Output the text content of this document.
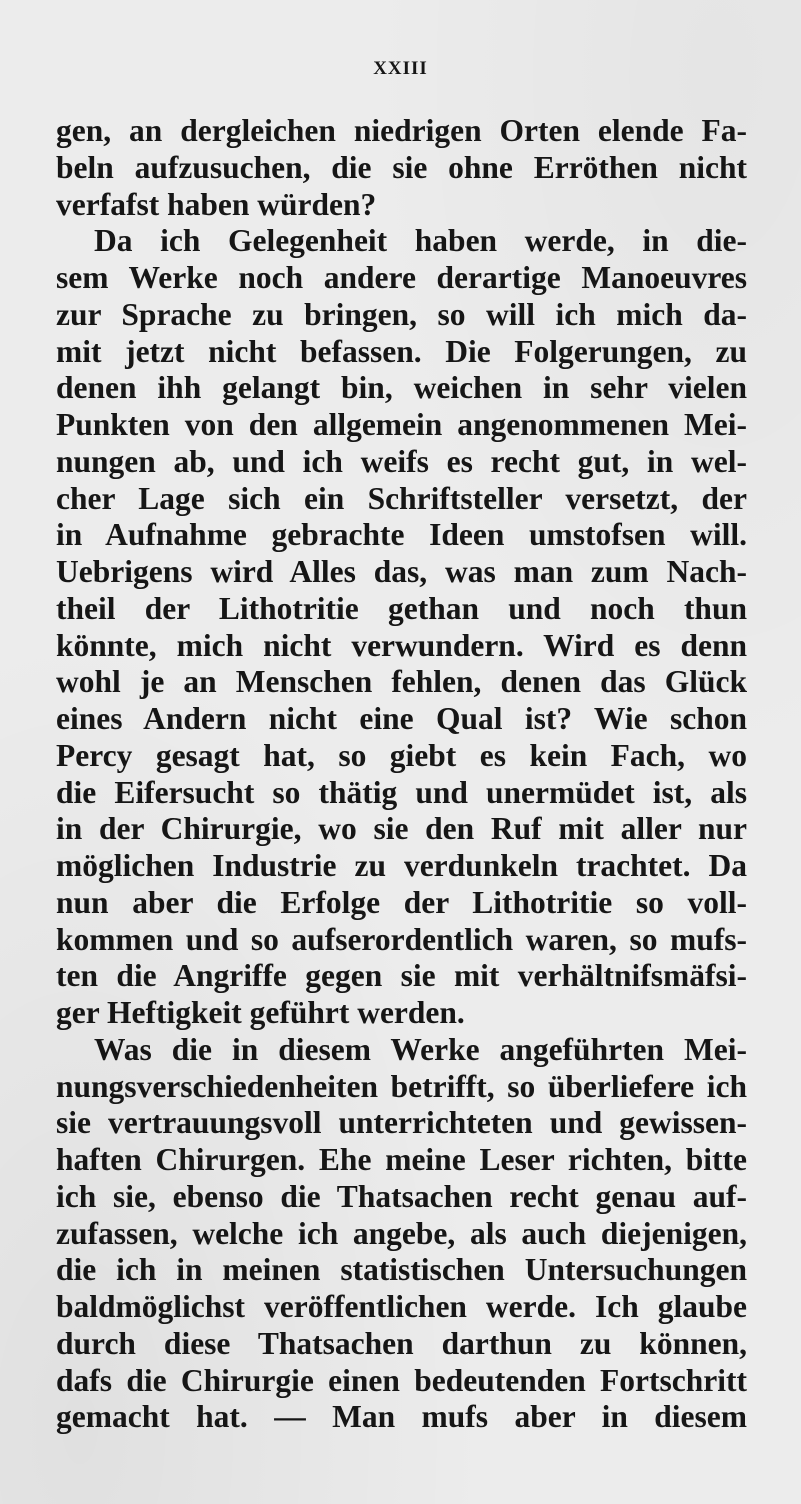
XXIII
gen, an dergleichen niedrigen Orten elende Fa-
beln aufzusuchen, die sie ohne Erröthen nicht
verfafst haben würden?
Da ich Gelegenheit haben werde, in die-
sem Werke noch andere derartige Manoeuvres
zur Sprache zu bringen, so will ich mich da-
mit jetzt nicht befassen. Die Folgerungen, zu
denen ihh gelangt bin, weichen in sehr vielen
Punkten von den allgemein angenommenen Mei-
nungen ab, und ich weifs es recht gut, in wel-
cher Lage sich ein Schriftsteller versetzt, der
in Aufnahme gebrachte Ideen umstofsen will.
Uebrigens wird Alles das, was man zum Nach-
theil der Lithotritie gethan und noch thun
könnte, mich nicht verwundern. Wird es denn
wohl je an Menschen fehlen, denen das Glück
eines Andern nicht eine Qual ist? Wie schon
Percy gesagt hat, so giebt es kein Fach, wo
die Eifersucht so thätig und unermüdet ist, als
in der Chirurgie, wo sie den Ruf mit aller nur
möglichen Industrie zu verdunkeln trachtet. Da
nun aber die Erfolge der Lithotritie so voll-
kommen und so aufserordentlich waren, so mufs-
ten die Angriffe gegen sie mit verhältnifsmäfsi-
ger Heftigkeit geführt werden.
Was die in diesem Werke angeführten Mei-
nungsverschiedenheiten betrifft, so überliefere ich
sie vertrauungsvoll unterrichteten und gewissen-
haften Chirurgen. Ehe meine Leser richten, bitte
ich sie, ebenso die Thatsachen recht genau auf-
zufassen, welche ich angebe, als auch diejenigen,
die ich in meinen statistischen Untersuchungen
baldmöglichst veröffentlichen werde. Ich glaube
durch diese Thatsachen darthun zu können,
dafs die Chirurgie einen bedeutenden Fortschritt
gemacht hat. — Man mufs aber in diesem
